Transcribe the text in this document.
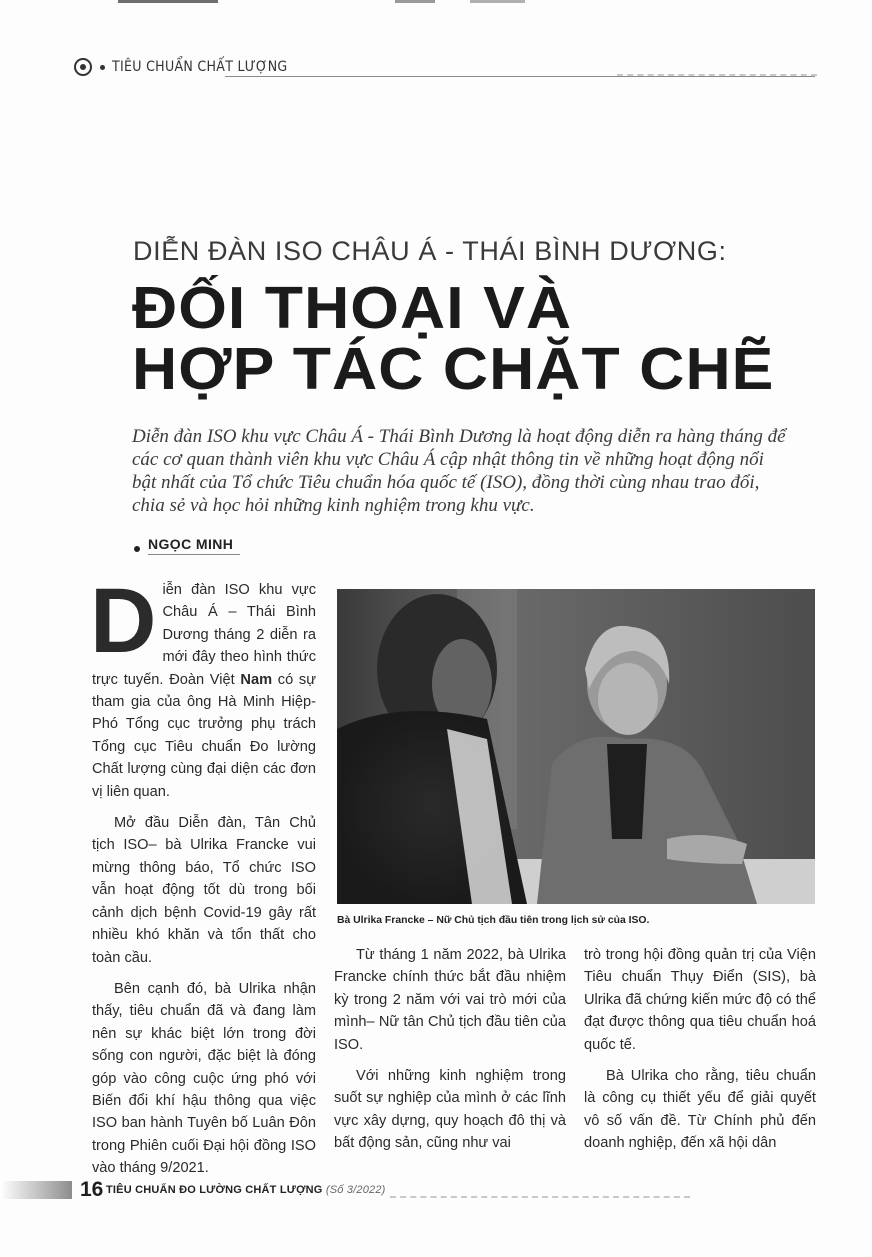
TIÊU CHUẨN CHẤT LƯỢNG
DIỄN ĐÀN ISO CHÂU Á - THÁI BÌNH DƯƠNG:
ĐỐI THOẠI VÀ
HỢP TÁC CHẶT CHẼ
Diễn đàn ISO khu vực Châu Á - Thái Bình Dương là hoạt động diễn ra hàng tháng để các cơ quan thành viên khu vực Châu Á cập nhật thông tin về những hoạt động nổi bật nhất của Tổ chức Tiêu chuẩn hóa quốc tế (ISO), đồng thời cùng nhau trao đổi, chia sẻ và học hỏi những kinh nghiệm trong khu vực.
NGỌC MINH

Diễn đàn ISO khu vực Châu Á – Thái Bình Dương tháng 2 diễn ra mới đây theo hình thức trực tuyến. Đoàn Việt Nam có sự tham gia của ông Hà Minh Hiệp- Phó Tổng cục trưởng phụ trách Tổng cục Tiêu chuẩn Đo lường Chất lượng cùng đại diện các đơn vị liên quan.

Mở đầu Diễn đàn, Tân Chủ tịch ISO– bà Ulrika Francke vui mừng thông báo, Tổ chức ISO vẫn hoạt động tốt dù trong bối cảnh dịch bệnh Covid-19 gây rất nhiều khó khăn và tổn thất cho toàn cầu.

Bên cạnh đó, bà Ulrika nhận thấy, tiêu chuẩn đã và đang làm nên sự khác biệt lớn trong đời sống con người, đặc biệt là đóng góp vào công cuộc ứng phó với Biến đổi khí hậu thông qua việc ISO ban hành Tuyên bố Luân Đôn trong Phiên cuối Đại hội đồng ISO vào tháng 9/2021.

Bà Ulrika Francke – Nữ Chủ tịch đầu tiên trong lịch sử của ISO.

Từ tháng 1 năm 2022, bà Ulrika Francke chính thức bắt đầu nhiệm kỳ trong 2 năm với vai trò mới của mình– Nữ tân Chủ tịch đầu tiên của ISO.

Với những kinh nghiệm trong suốt sự nghiệp của mình ở các lĩnh vực xây dựng, quy hoạch đô thị và bất động sản, cũng như vai

trò trong hội đồng quản trị của Viện Tiêu chuẩn Thụy Điển (SIS), bà Ulrika đã chứng kiến mức độ có thể đạt được thông qua tiêu chuẩn hoá quốc tế.

Bà Ulrika cho rằng, tiêu chuẩn là công cụ thiết yếu để giải quyết vô số vấn đề. Từ Chính phủ đến doanh nghiệp, đến xã hội dân

16 TIÊU CHUẨN ĐO LƯỜNG CHẤT LƯỢNG (Số 3/2022)
